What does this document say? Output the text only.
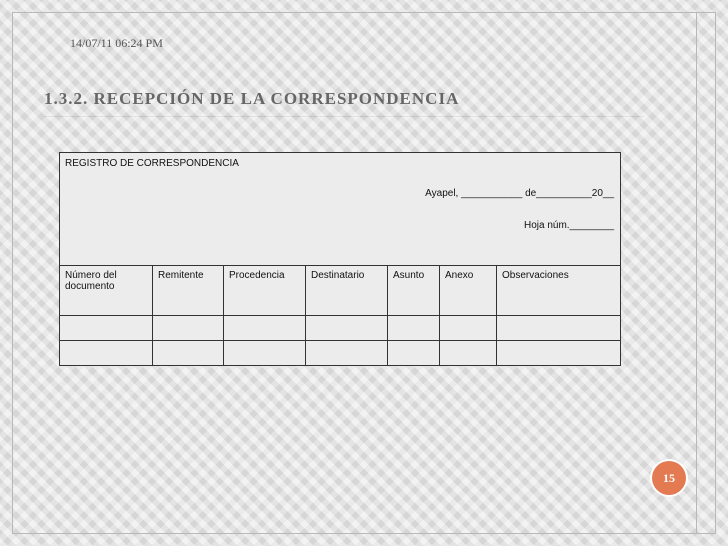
14/07/11 06:24 PM
1.3.2. RECEPCIÓN DE LA CORRESPONDENCIA
REGISTRO DE CORRESPONDENCIA
Ayapel, ___________ de__________20__
Hoja núm.________						

Número del documento	Remitente	Procedencia	Destinatario	Asunto	Anexo	Observaciones

15
